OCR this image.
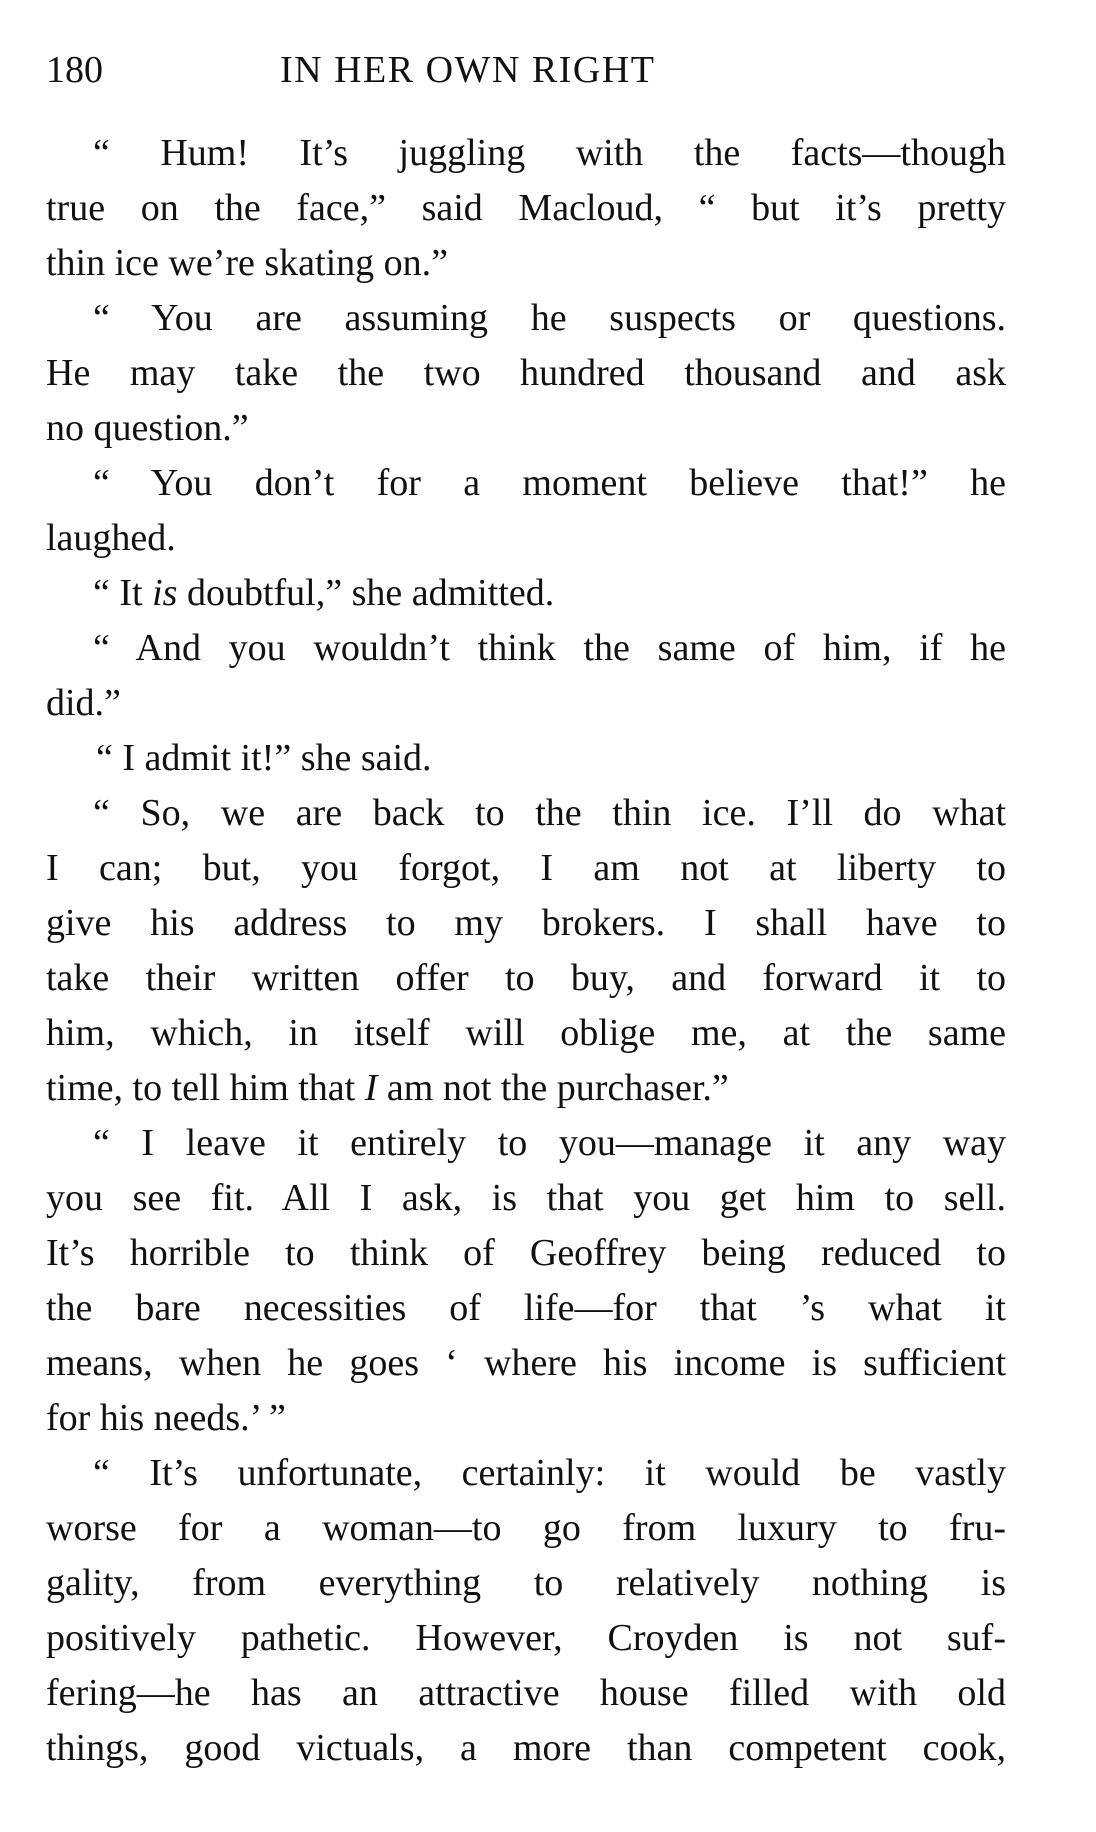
180	IN HER OWN RIGHT
“ Hum! It’s juggling with the facts—though
true on the face,” said Macloud, “ but it’s pretty
thin ice we’re skating on.”
“ You are assuming he suspects or questions.
He may take the two hundred thousand and ask
no question.”
“ You don’t for a moment believe that!” he
laughed.
“ It is doubtful,” she admitted.
“ And you wouldn’t think the same of him, if he
did.”
“ I admit it!” she said.
“ So, we are back to the thin ice. I’ll do what
I can; but, you forgot, I am not at liberty to
give his address to my brokers. I shall have to
take their written offer to buy, and forward it to
him, which, in itself will oblige me, at the same
time, to tell him that I am not the purchaser.”
“ I leave it entirely to you—manage it any way
you see fit. All I ask, is that you get him to sell.
It’s horrible to think of Geoffrey being reduced to
the bare necessities of life—for that ’s what it
means, when he goes ‘ where his income is sufficient
for his needs.’ ”
“ It’s unfortunate, certainly: it would be vastly
worse for a woman—to go from luxury to fru-
gality, from everything to relatively nothing is
positively pathetic. However, Croyden is not suf-
fering—he has an attractive house filled with old
things, good victuals, a more than competent cook,
